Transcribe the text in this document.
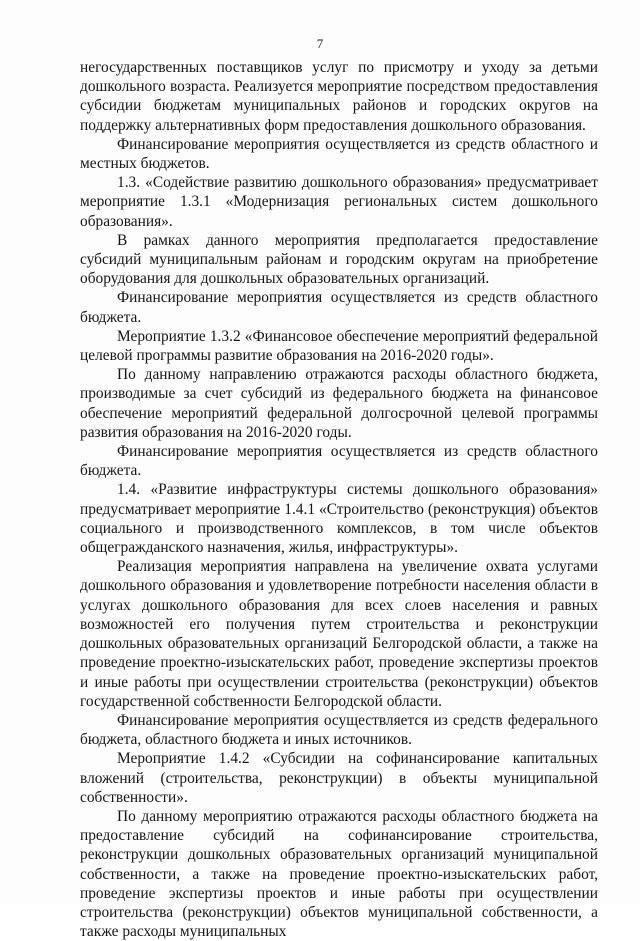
7

негосударственных поставщиков услуг по присмотру и уходу за детьми дошкольного возраста. Реализуется мероприятие посредством предоставления субсидии бюджетам муниципальных районов и городских округов на поддержку альтернативных форм предоставления дошкольного образования.

Финансирование мероприятия осуществляется из средств областного и местных бюджетов.

1.3. «Содействие развитию дошкольного образования» предусматривает мероприятие 1.3.1 «Модернизация региональных систем дошкольного образования».

В рамках данного мероприятия предполагается предоставление субсидий муниципальным районам и городским округам на приобретение оборудования для дошкольных образовательных организаций.

Финансирование мероприятия осуществляется из средств областного бюджета.

Мероприятие 1.3.2 «Финансовое обеспечение мероприятий федеральной целевой программы развитие образования на 2016-2020 годы».

По данному направлению отражаются расходы областного бюджета, производимые за счет субсидий из федерального бюджета на финансовое обеспечение мероприятий федеральной долгосрочной целевой программы развития образования на 2016-2020 годы.

Финансирование мероприятия осуществляется из средств областного бюджета.

1.4. «Развитие инфраструктуры системы дошкольного образования» предусматривает мероприятие 1.4.1 «Строительство (реконструкция) объектов социального и производственного комплексов, в том числе объектов общегражданского назначения, жилья, инфраструктуры».

Реализация мероприятия направлена на увеличение охвата услугами дошкольного образования и удовлетворение потребности населения области в услугах дошкольного образования для всех слоев населения и равных возможностей его получения путем строительства и реконструкции дошкольных образовательных организаций Белгородской области, а также на проведение проектно-изыскательских работ, проведение экспертизы проектов и иные работы при осуществлении строительства (реконструкции) объектов государственной собственности Белгородской области.

Финансирование мероприятия осуществляется из средств федерального бюджета, областного бюджета и иных источников.

Мероприятие 1.4.2 «Субсидии на софинансирование капитальных вложений (строительства, реконструкции) в объекты муниципальной собственности».

По данному мероприятию отражаются расходы областного бюджета на предоставление субсидий на софинансирование строительства, реконструкции дошкольных образовательных организаций муниципальной собственности, а также на проведение проектно-изыскательских работ, проведение экспертизы проектов и иные работы при осуществлении строительства (реконструкции) объектов муниципальной собственности, а также расходы муниципальных
